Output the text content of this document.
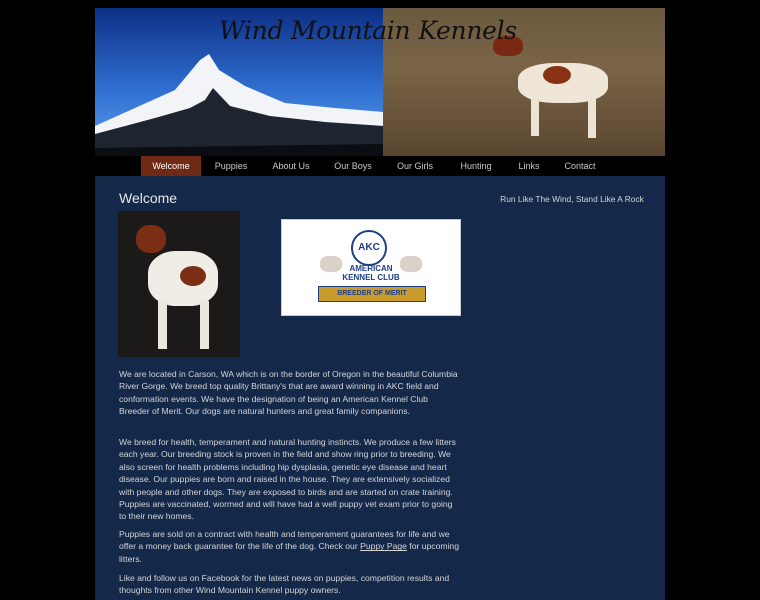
Wind Mountain Kennels
Welcome	Puppies	About Us	Our Boys	Our Girls	Hunting	Links	Contact
Welcome
AKC
AMERICAN
KENNEL CLUB
BREEDER OF MERIT
We are located in Carson, WA which is on the border of Oregon in the beautiful Columbia River Gorge. We breed top quality Brittany's that are award winning in AKC field and conformation events. We have the designation of being an American Kennel Club Breeder of Merit. Our dogs are natural hunters and great family companions.
We breed for health, temperament and natural hunting instincts. We produce a few litters each year. Our breeding stock is proven in the field and show ring prior to breeding. We also screen for health problems including hip dysplasia, genetic eye disease and heart disease. Our puppies are born and raised in the house. They are extensively socialized with people and other dogs. They are exposed to birds and are started on crate training. Puppies are vaccinated, wormed and will have had a well puppy vet exam prior to going to their new homes.
Puppies are sold on a contract with health and temperament guarantees for life and we offer a money back guarantee for the life of the dog. Check our Puppy Page for upcoming litters.
Like and follow us on Facebook for the latest news on puppies, competition results and thoughts from other Wind Mountain Kennel puppy owners.
Run Like The Wind, Stand Like A Rock
